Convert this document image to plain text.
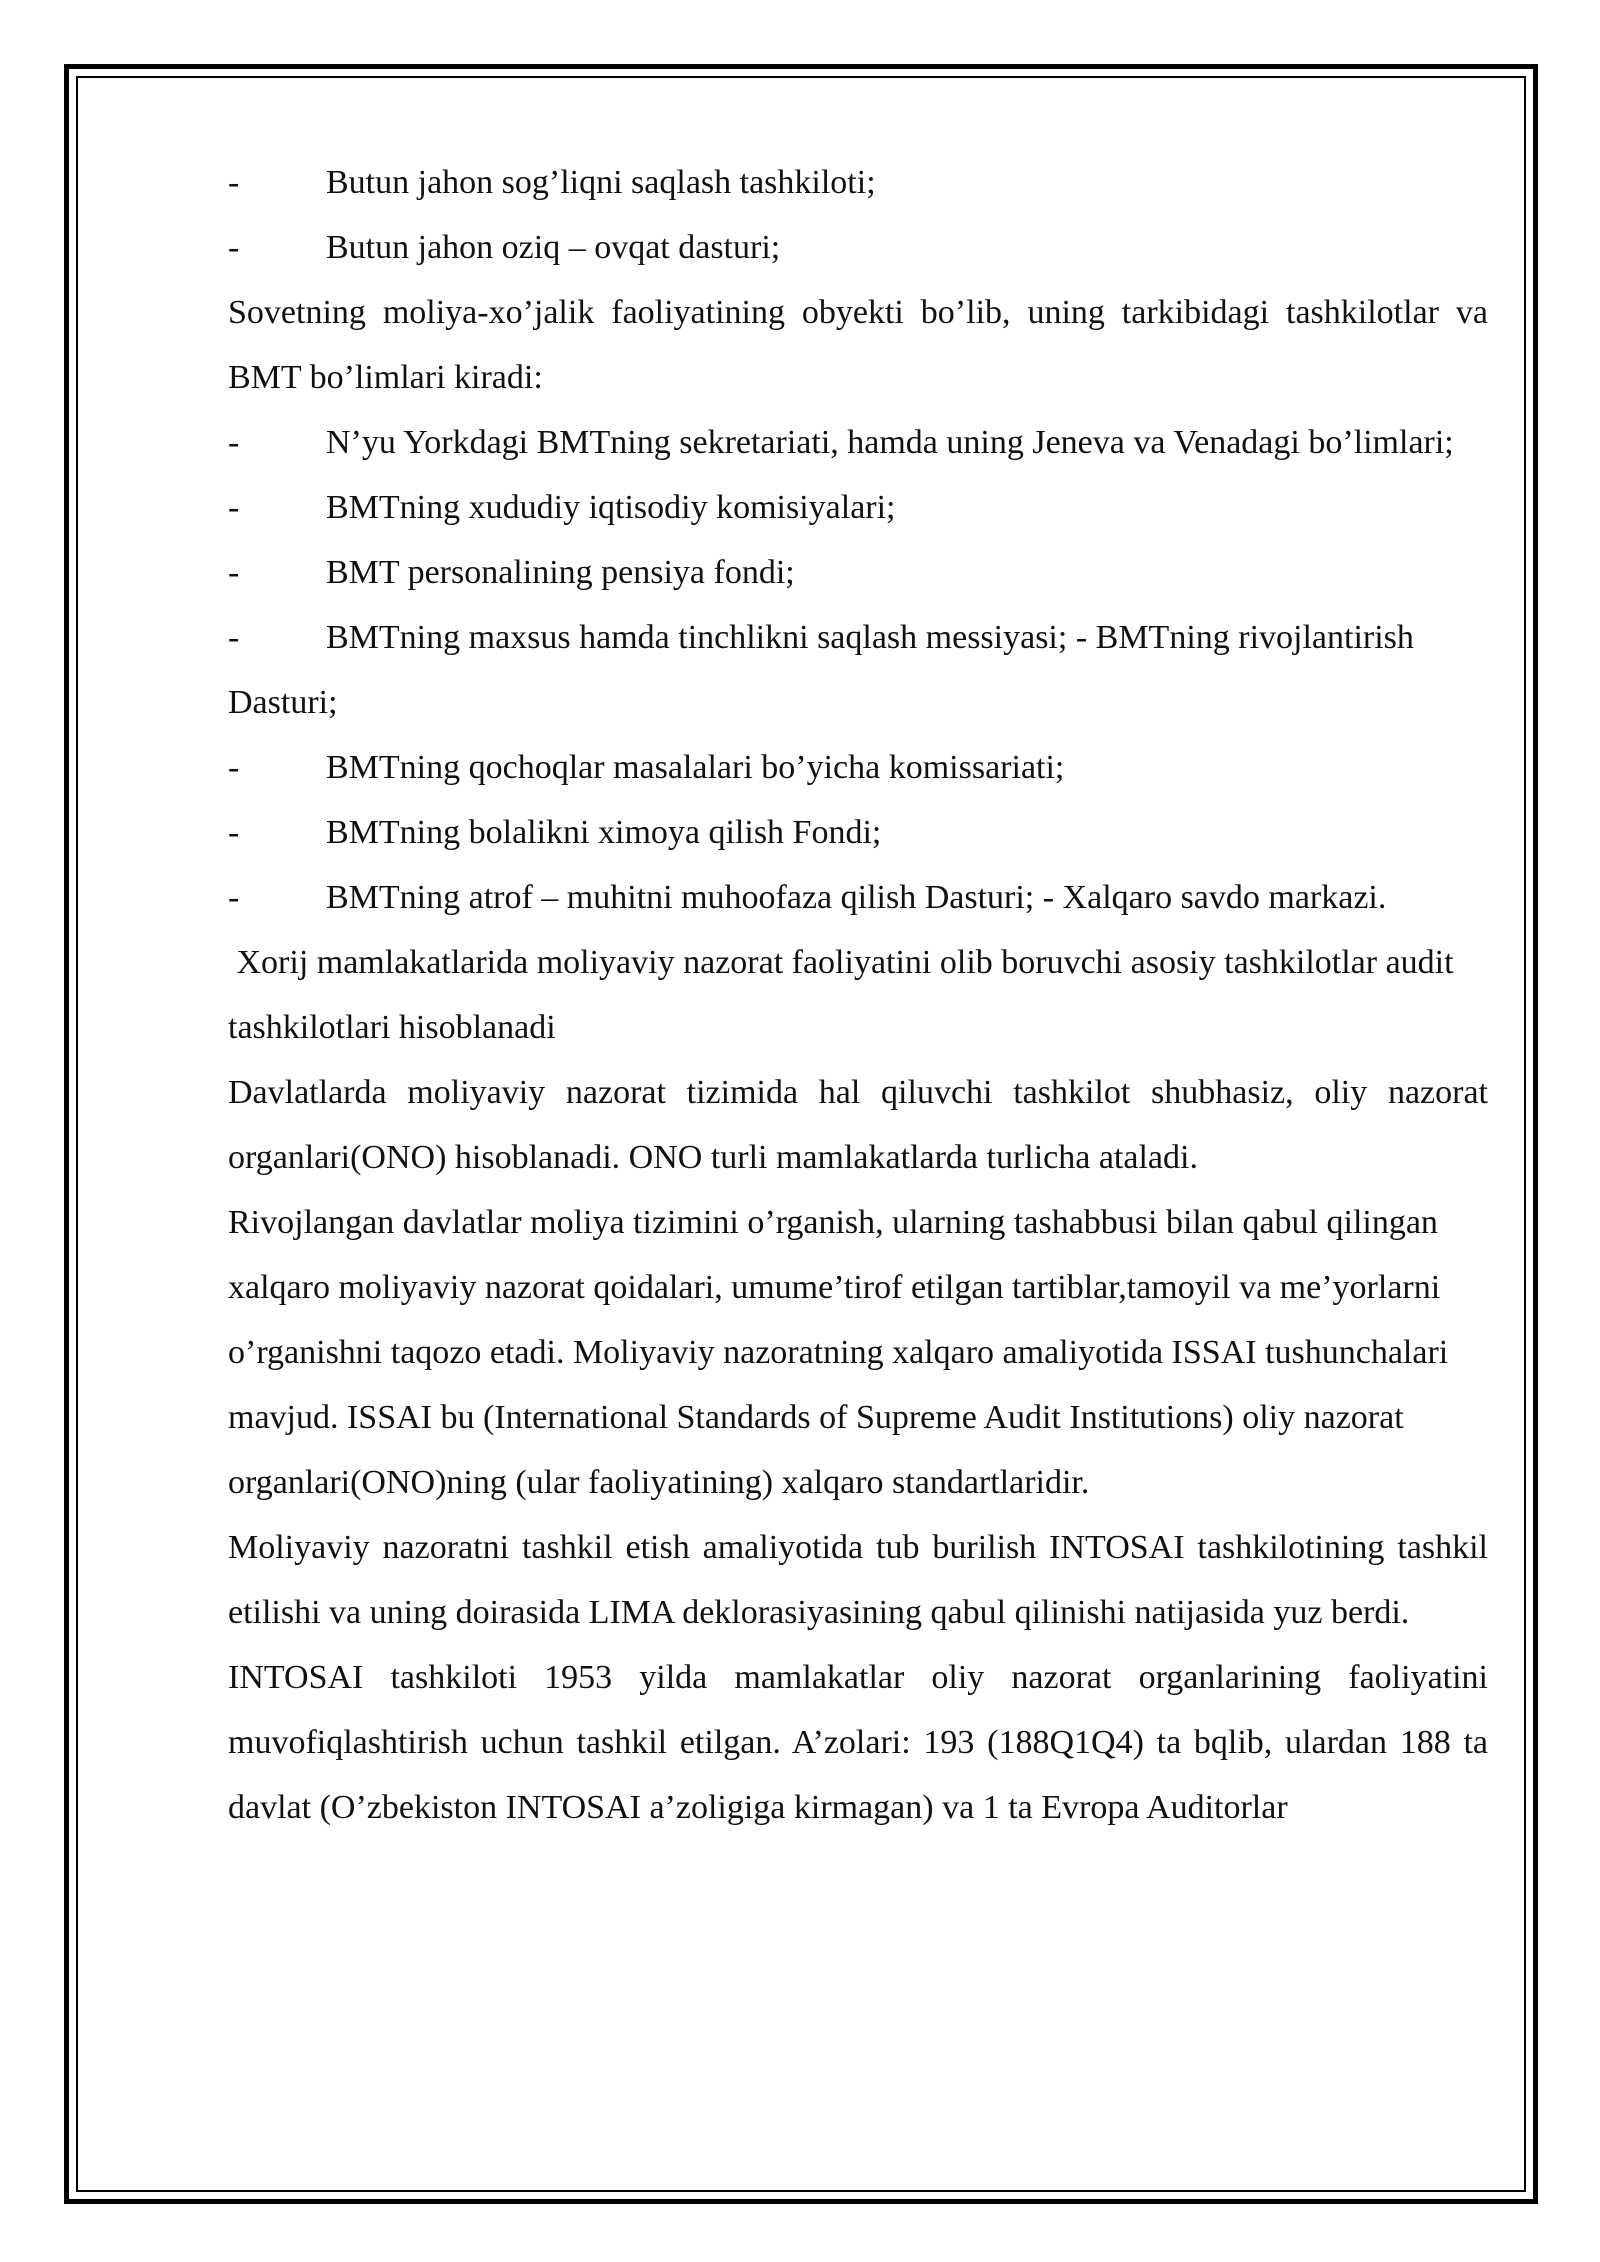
-	Butun jahon sog’liqni saqlash tashkiloti;

-	Butun jahon oziq – ovqat dasturi;

Sovetning moliya-xo’jalik faoliyatining obyekti bo’lib, uning tarkibidagi tashkilotlar va BMT bo’limlari kiradi:

-	N’yu Yorkdagi BMTning sekretariati, hamda uning Jeneva va Venadagi bo’limlari;

-	BMTning xududiy iqtisodiy komisiyalari;

-	BMT personalining pensiya fondi;

-	BMTning maxsus hamda tinchlikni saqlash messiyasi; - BMTning rivojlantirish Dasturi;

-	BMTning qochoqlar masalalari bo’yicha komissariati;

-	BMTning bolalikni ximoya qilish Fondi;

-	BMTning atrof – muhitni muhoofaza qilish Dasturi; - Xalqaro savdo markazi.

Xorij mamlakatlarida moliyaviy nazorat faoliyatini olib boruvchi asosiy tashkilotlar audit tashkilotlari hisoblanadi

Davlatlarda moliyaviy nazorat tizimida hal qiluvchi tashkilot shubhasiz, oliy nazorat organlari(ONO) hisoblanadi. ONO turli mamlakatlarda turlicha ataladi.

Rivojlangan davlatlar moliya tizimini o’rganish, ularning tashabbusi bilan qabul qilingan xalqaro moliyaviy nazorat qoidalari, umume’tirof etilgan tartiblar,tamoyil va me’yorlarni o’rganishni taqozo etadi. Moliyaviy nazoratning xalqaro amaliyotida ISSAI tushunchalari mavjud. ISSAI bu (International Standards of Supreme Audit Institutions) oliy nazorat organlari(ONO)ning (ular faoliyatining) xalqaro standartlaridir.

Moliyaviy nazoratni tashkil etish amaliyotida tub burilish INTOSAI tashkilotining tashkil etilishi va uning doirasida LIMA deklorasiyasining qabul qilinishi natijasida yuz berdi.

INTOSAI tashkiloti 1953 yilda mamlakatlar oliy nazorat organlarining faoliyatini muvofiqlashtirish uchun tashkil etilgan. A’zolari: 193 (188Q1Q4) ta bqlib, ulardan 188 ta davlat (O’zbekiston INTOSAI a’zoligiga kirmagan) va 1 ta Evropa Auditorlar
